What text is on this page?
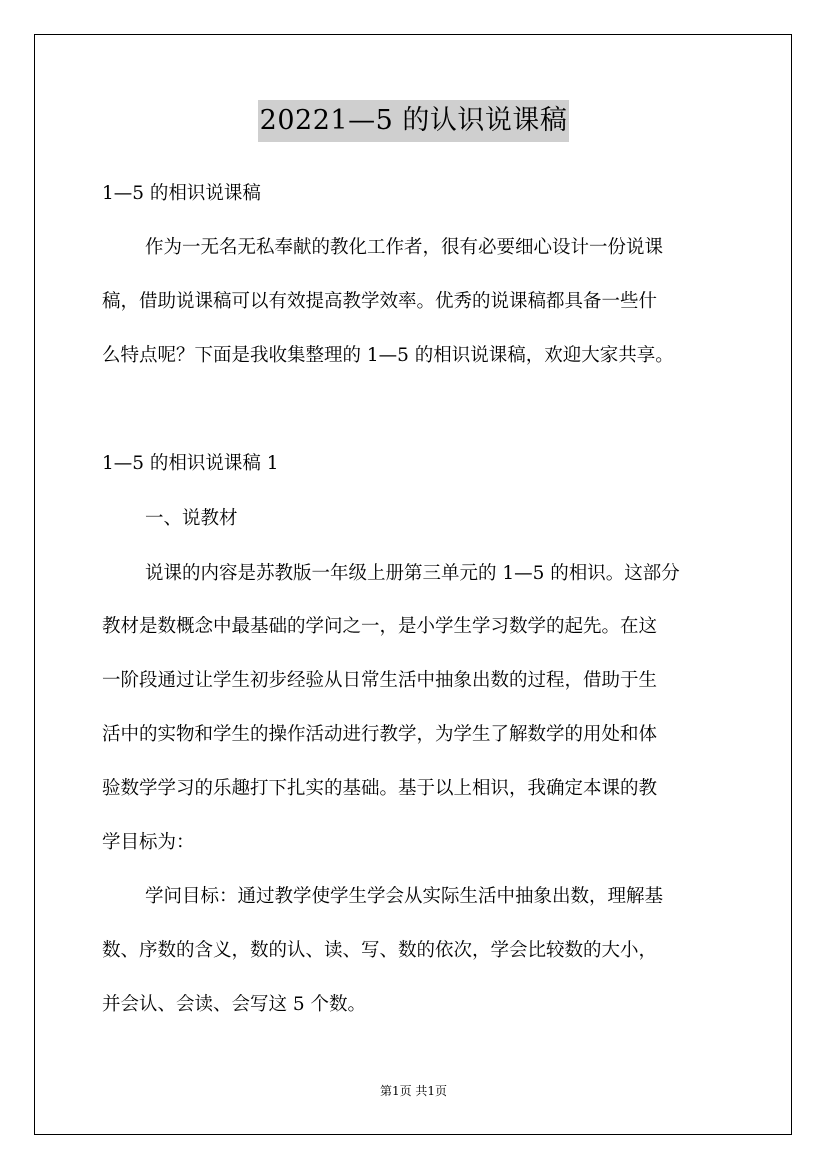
20221—5 的认识说课稿
1—5 的相识说课稿
作为一无名无私奉献的教化工作者，很有必要细心设计一份说课
稿，借助说课稿可以有效提高教学效率。优秀的说课稿都具备一些什
么特点呢？下面是我收集整理的 1—5 的相识说课稿，欢迎大家共享。
1—5 的相识说课稿 1
一、说教材
说课的内容是苏教版一年级上册第三单元的 1—5 的相识。这部分
教材是数概念中最基础的学问之一，是小学生学习数学的起先。在这
一阶段通过让学生初步经验从日常生活中抽象出数的过程，借助于生
活中的实物和学生的操作活动进行教学，为学生了解数学的用处和体
验数学学习的乐趣打下扎实的基础。基于以上相识，我确定本课的教
学目标为：
学问目标：通过教学使学生学会从实际生活中抽象出数，理解基
数、序数的含义，数的认、读、写、数的依次，学会比较数的大小，
并会认、会读、会写这 5 个数。
第1页 共1页
